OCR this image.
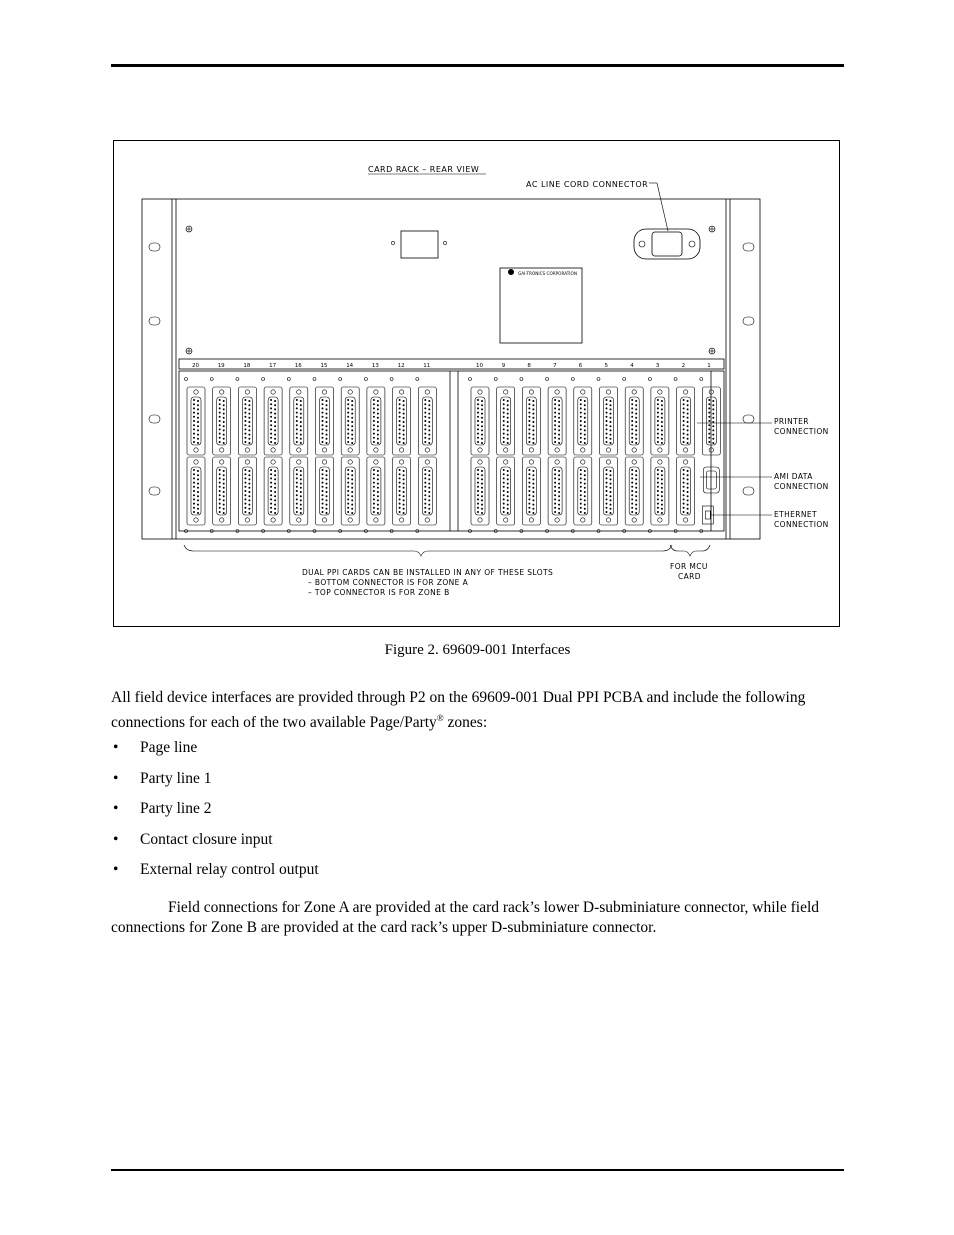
CARD RACK – REAR VIEW
AC LINE CORD CONNECTOR
GAI-TRONICS CORPORATION
20	19	18	17	16	15	14	13	12	11	10	9	8	7	6	5	4	3	2	1
PRINTER
CONNECTION
AMI DATA
CONNECTION
ETHERNET
CONNECTION
DUAL PPI CARDS CAN BE INSTALLED IN ANY OF THESE SLOTS
– BOTTOM CONNECTOR IS FOR ZONE A
– TOP CONNECTOR IS FOR ZONE B
FOR MCU
CARD
Figure 2. 69609-001 Interfaces
All field device interfaces are provided through P2 on the 69609-001 Dual PPI PCBA and include the following connections for each of the two available Page/Party® zones:
• Page line
• Party line 1
• Party line 2
• Contact closure input
• External relay control output
Field connections for Zone A are provided at the card rack’s lower D-subminiature connector, while field connections for Zone B are provided at the card rack’s upper D-subminiature connector.
